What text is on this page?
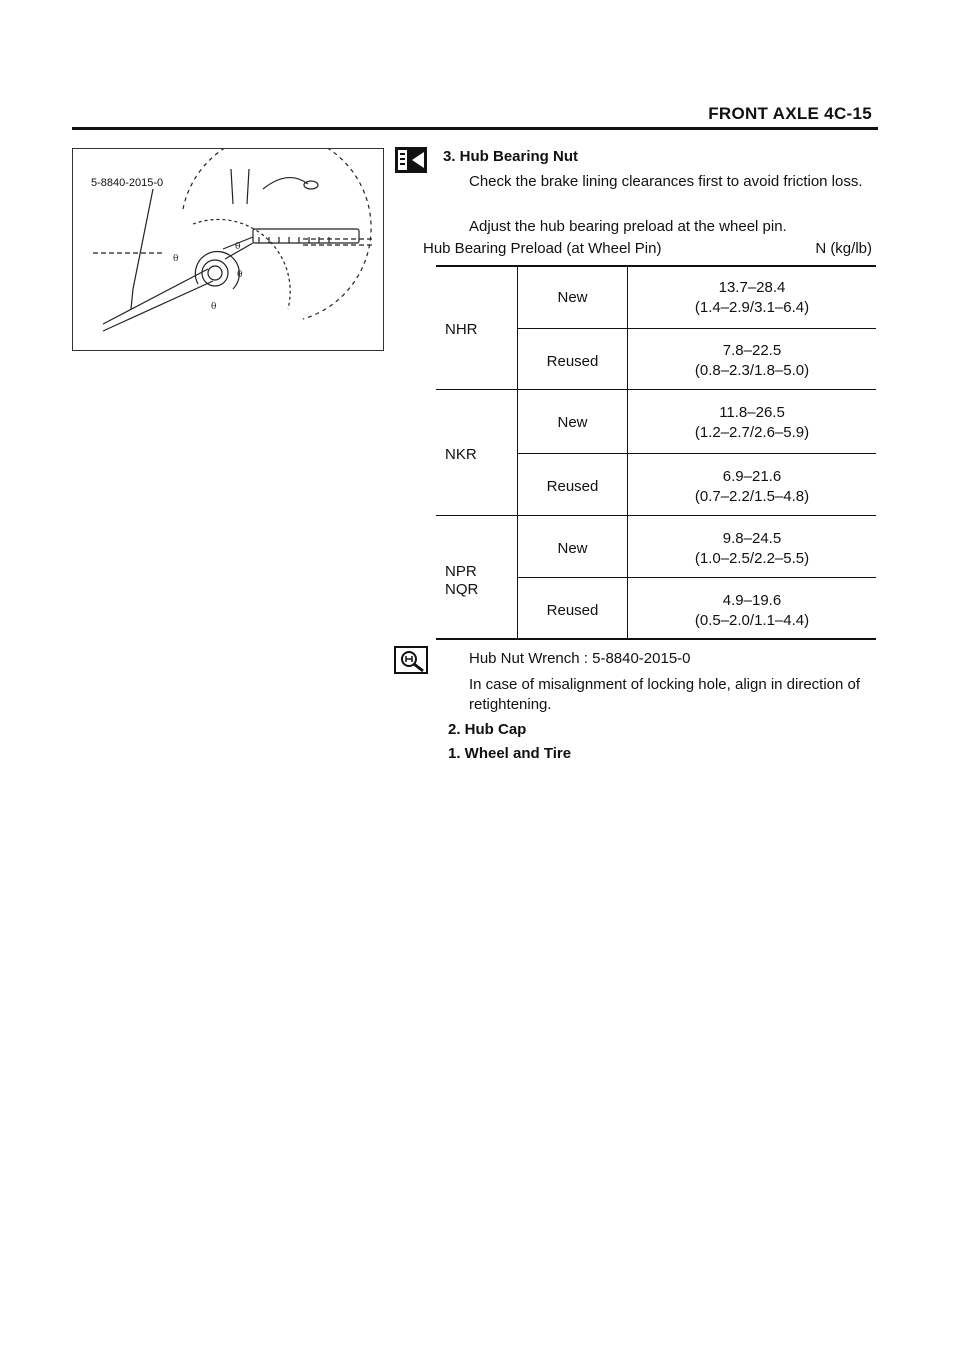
FRONT AXLE 4C-15
θ
θ
θ
θ
5-8840-2015-0
3. Hub Bearing Nut
Check the brake lining clearances first to avoid friction loss.
Adjust the hub bearing preload at the wheel pin.
Hub Bearing Preload (at Wheel Pin)	N (kg/lb)
NHR
New
13.7–28.4
(1.4–2.9/3.1–6.4)
Reused
7.8–22.5
(0.8–2.3/1.8–5.0)
NKR
New
11.8–26.5
(1.2–2.7/2.6–5.9)
Reused
6.9–21.6
(0.7–2.2/1.5–4.8)
NPR
NQR
New
9.8–24.5
(1.0–2.5/2.2–5.5)
Reused
4.9–19.6
(0.5–2.0/1.1–4.4)
Hub Nut Wrench : 5-8840-2015-0
In case of misalignment of locking hole, align in direction of retightening.
2. Hub Cap
1. Wheel and Tire
